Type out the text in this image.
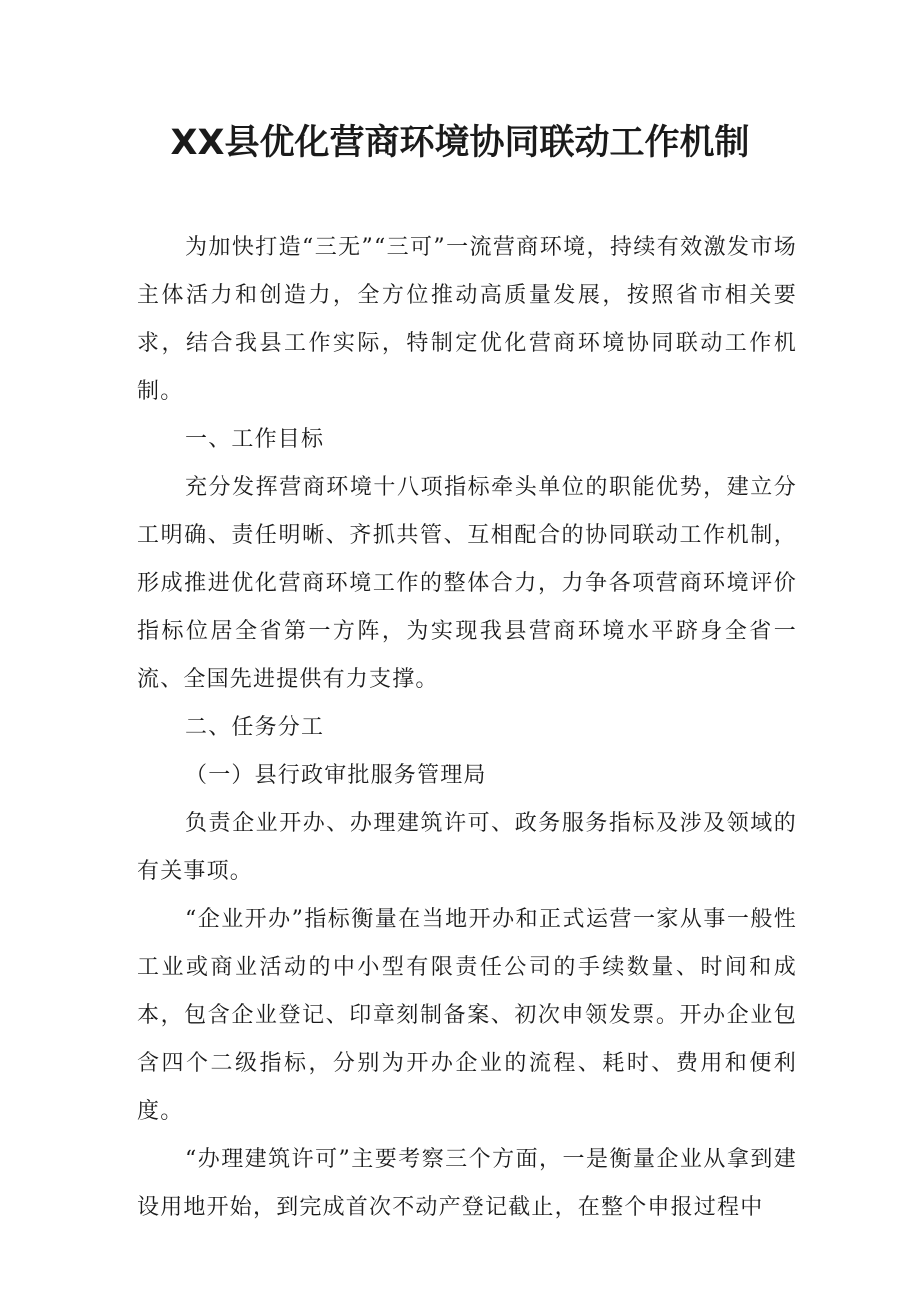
XX县优化营商环境协同联动工作机制

为加快打造“三无”“三可”一流营商环境，持续有效激发市场主体活力和创造力，全方位推动高质量发展，按照省市相关要求，结合我县工作实际，特制定优化营商环境协同联动工作机制。

一、工作目标

充分发挥营商环境十八项指标牵头单位的职能优势，建立分工明确、责任明晰、齐抓共管、互相配合的协同联动工作机制，形成推进优化营商环境工作的整体合力，力争各项营商环境评价指标位居全省第一方阵，为实现我县营商环境水平跻身全省一流、全国先进提供有力支撑。

二、任务分工

（一）县行政审批服务管理局

负责企业开办、办理建筑许可、政务服务指标及涉及领域的有关事项。

“企业开办”指标衡量在当地开办和正式运营一家从事一般性工业或商业活动的中小型有限责任公司的手续数量、时间和成本，包含企业登记、印章刻制备案、初次申领发票。开办企业包含四个二级指标，分别为开办企业的流程、耗时、费用和便利度。

“办理建筑许可”主要考察三个方面，一是衡量企业从拿到建设用地开始，到完成首次不动产登记截止，在整个申报过程中
